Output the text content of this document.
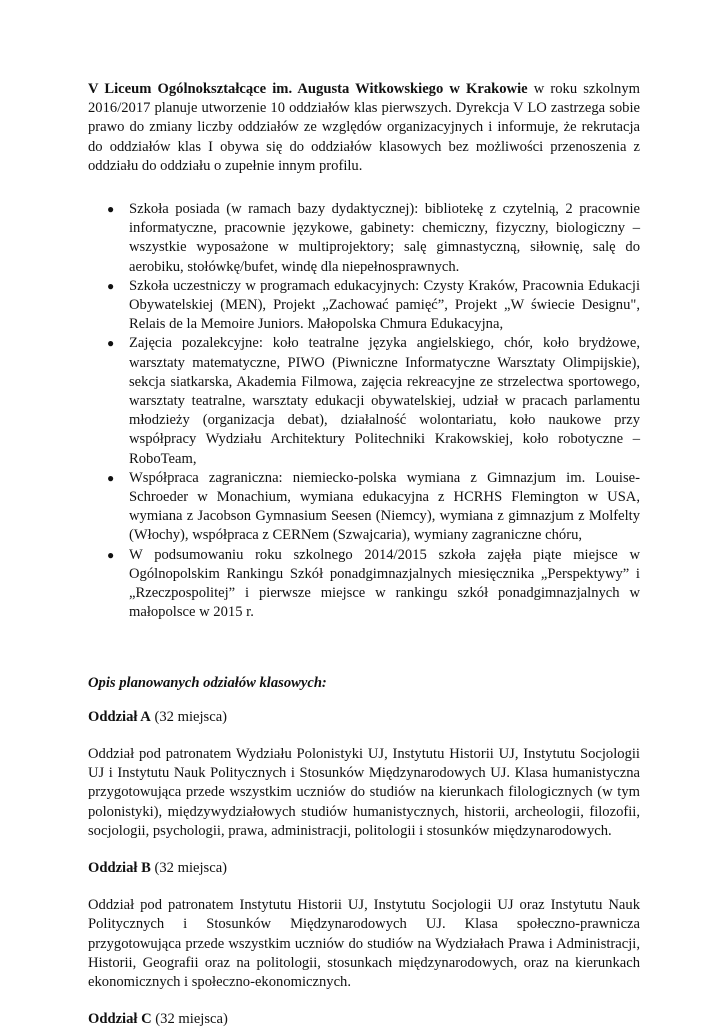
V Liceum Ogólnokształcące im. Augusta Witkowskiego w Krakowie w roku szkolnym 2016/2017 planuje utworzenie 10 oddziałów klas pierwszych. Dyrekcja V LO zastrzega sobie prawo do zmiany liczby oddziałów ze względów organizacyjnych i informuje, że rekrutacja do oddziałów klas I obywa się do oddziałów klasowych bez możliwości przenoszenia z oddziału do oddziału o zupełnie innym profilu.

● Szkoła posiada (w ramach bazy dydaktycznej): bibliotekę z czytelnią, 2 pracownie informatyczne, pracownie językowe, gabinety: chemiczny, fizyczny, biologiczny – wszystkie wyposażone w multiprojektory; salę gimnastyczną, siłownię, salę do aerobiku, stołówkę/bufet, windę dla niepełnosprawnych.
● Szkoła uczestniczy w programach edukacyjnych: Czysty Kraków, Pracownia Edukacji Obywatelskiej (MEN), Projekt „Zachować pamięć”, Projekt „W świecie Designu", Relais de la Memoire Juniors. Małopolska Chmura Edukacyjna,
● Zajęcia pozalekcyjne: koło teatralne języka angielskiego, chór, koło brydżowe, warsztaty matematyczne, PIWO (Piwniczne Informatyczne Warsztaty Olimpijskie), sekcja siatkarska, Akademia Filmowa, zajęcia rekreacyjne ze strzelectwa sportowego, warsztaty teatralne, warsztaty edukacji obywatelskiej, udział w pracach parlamentu młodzieży (organizacja debat), działalność wolontariatu, koło naukowe przy współpracy Wydziału Architektury Politechniki Krakowskiej, koło robotyczne – RoboTeam,
● Współpraca zagraniczna: niemiecko-polska wymiana z Gimnazjum im. Louise-Schroeder w Monachium, wymiana edukacyjna z HCRHS Flemington w USA, wymiana z Jacobson Gymnasium Seesen (Niemcy), wymiana z gimnazjum z Molfelty (Włochy), współpraca z CERNem (Szwajcaria), wymiany zagraniczne chóru,
● W podsumowaniu roku szkolnego 2014/2015 szkoła zajęła piąte miejsce w Ogólnopolskim Rankingu Szkół ponadgimnazjalnych miesięcznika „Perspektywy” i „Rzeczpospolitej” i pierwsze miejsce w rankingu szkół ponadgimnazjalnych w małopolsce w 2015 r.

Opis planowanych odziałów klasowych:

Oddział A (32 miejsca)

Oddział pod patronatem Wydziału Polonistyki UJ, Instytutu Historii UJ, Instytutu Socjologii UJ i Instytutu Nauk Politycznych i Stosunków Międzynarodowych UJ. Klasa humanistyczna przygotowująca przede wszystkim uczniów do studiów na kierunkach filologicznych (w tym polonistyki), międzywydziałowych studiów humanistycznych, historii, archeologii, filozofii, socjologii, psychologii, prawa, administracji, politologii i stosunków międzynarodowych.

Oddział B (32 miejsca)

Oddział pod patronatem Instytutu Historii UJ, Instytutu Socjologii UJ oraz Instytutu Nauk Politycznych i Stosunków Międzynarodowych UJ. Klasa społeczno-prawnicza przygotowująca przede wszystkim uczniów do studiów na Wydziałach Prawa i Administracji, Historii, Geografii oraz na politologii, stosunkach międzynarodowych, oraz na kierunkach ekonomicznych i społeczno-ekonomicznych.

Oddział C (32 miejsca)
